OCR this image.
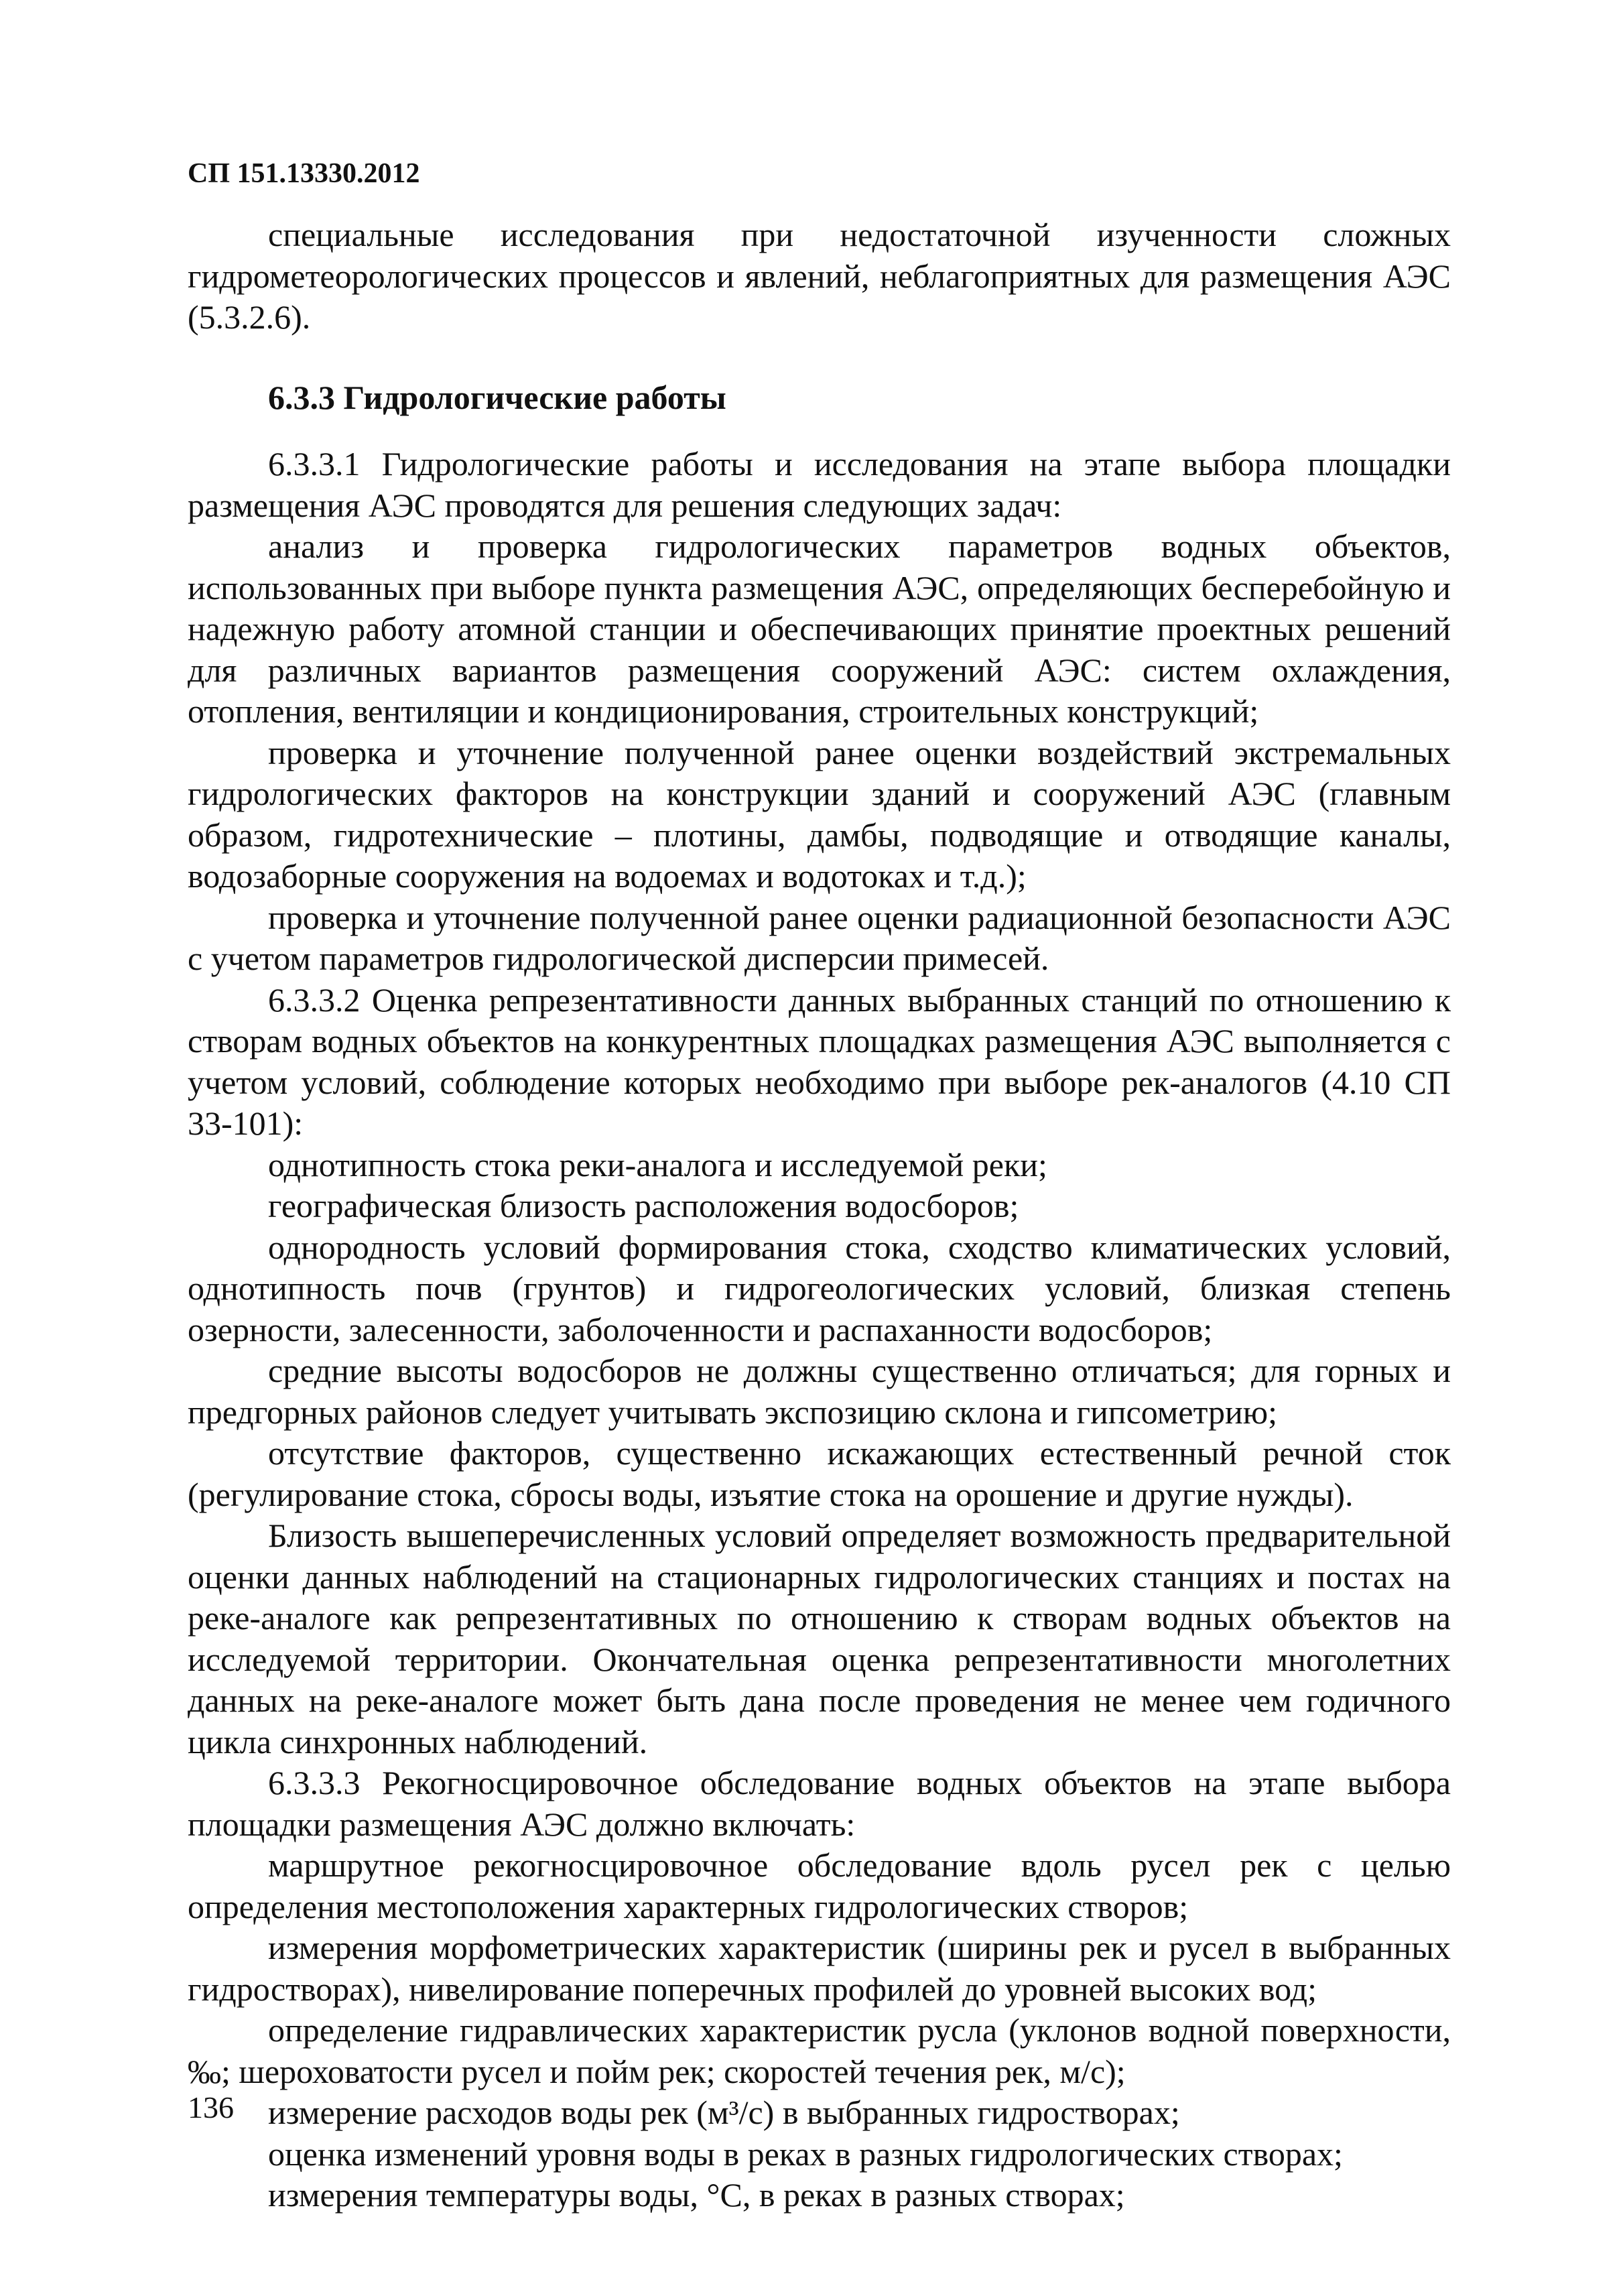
СП 151.13330.2012

специальные исследования при недостаточной изученности сложных гидрометеорологических процессов и явлений, неблагоприятных для размещения АЭС (5.3.2.6).

6.3.3 Гидрологические работы

6.3.3.1 Гидрологические работы и исследования на этапе выбора площадки размещения АЭС проводятся для решения следующих задач:

анализ и проверка гидрологических параметров водных объектов, использованных при выборе пункта размещения АЭС, определяющих бесперебойную и надежную работу атомной станции и обеспечивающих принятие проектных решений для различных вариантов размещения сооружений АЭС: систем охлаждения, отопления, вентиляции и кондиционирования, строительных конструкций;

проверка и уточнение полученной ранее оценки воздействий экстремальных гидрологических факторов на конструкции зданий и сооружений АЭС (главным образом, гидротехнические – плотины, дамбы, подводящие и отводящие каналы, водозаборные сооружения на водоемах и водотоках и т.д.);

проверка и уточнение полученной ранее оценки радиационной безопасности АЭС с учетом параметров гидрологической дисперсии примесей.

6.3.3.2 Оценка репрезентативности данных выбранных станций по отношению к створам водных объектов на конкурентных площадках размещения АЭС выполняется с учетом условий, соблюдение которых необходимо при выборе рек-аналогов (4.10 СП 33-101):

однотипность стока реки-аналога и исследуемой реки;

географическая близость расположения водосборов;

однородность условий формирования стока, сходство климатических условий, однотипность почв (грунтов) и гидрогеологических условий, близкая степень озерности, залесенности, заболоченности и распаханности водосборов;

средние высоты водосборов не должны существенно отличаться; для горных и предгорных районов следует учитывать экспозицию склона и гипсометрию;

отсутствие факторов, существенно искажающих естественный речной сток (регулирование стока, сбросы воды, изъятие стока на орошение и другие нужды).

Близость вышеперечисленных условий определяет возможность предварительной оценки данных наблюдений на стационарных гидрологических станциях и постах на реке-аналоге как репрезентативных по отношению к створам водных объектов на исследуемой территории. Окончательная оценка репрезентативности многолетних данных на реке-аналоге может быть дана после проведения не менее чем годичного цикла синхронных наблюдений.

6.3.3.3 Рекогносцировочное обследование водных объектов на этапе выбора площадки размещения АЭС должно включать:

маршрутное рекогносцировочное обследование вдоль русел рек с целью определения местоположения характерных гидрологических створов;

измерения морфометрических характеристик (ширины рек и русел в выбранных гидростворах), нивелирование поперечных профилей до уровней высоких вод;

определение гидравлических характеристик русла (уклонов водной поверхности, ‰; шероховатости русел и пойм рек; скоростей течения рек, м/с);

измерение расходов воды рек (м³/с) в выбранных гидростворах;

оценка изменений уровня воды в реках в разных гидрологических створах;

измерения температуры воды, °С, в реках в разных створах;

136
